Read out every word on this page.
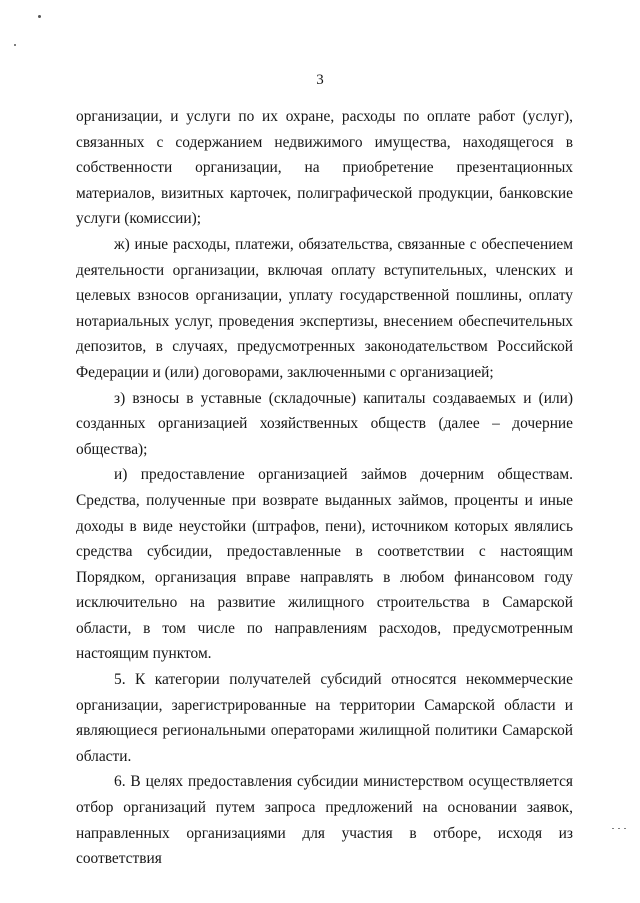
3

организации, и услуги по их охране, расходы по оплате работ (услуг), связанных с содержанием недвижимого имущества, находящегося в собственности организации, на приобретение презентационных материалов, визитных карточек, полиграфической продукции, банковские услуги (комиссии);

ж) иные расходы, платежи, обязательства, связанные с обеспечением деятельности организации, включая оплату вступительных, членских и целевых взносов организации, уплату государственной пошлины, оплату нотариальных услуг, проведения экспертизы, внесением обеспечительных депозитов, в случаях, предусмотренных законодательством Российской Федерации и (или) договорами, заключенными с организацией;

з) взносы в уставные (складочные) капиталы создаваемых и (или) созданных организацией хозяйственных обществ (далее – дочерние общества);

и) предоставление организацией займов дочерним обществам. Средства, полученные при возврате выданных займов, проценты и иные доходы в виде неустойки (штрафов, пени), источником которых являлись средства субсидии, предоставленные в соответствии с настоящим Порядком, организация вправе направлять в любом финансовом году исключительно на развитие жилищного строительства в Самарской области, в том числе по направлениям расходов, предусмотренным настоящим пунктом.

5. К категории получателей субсидий относятся некоммерческие организации, зарегистрированные на территории Самарской области и являющиеся региональными операторами жилищной политики Самарской области.

6. В целях предоставления субсидии министерством осуществляется отбор организаций путем запроса предложений на основании заявок, направленных организациями для участия в отборе, исходя из соответствия
